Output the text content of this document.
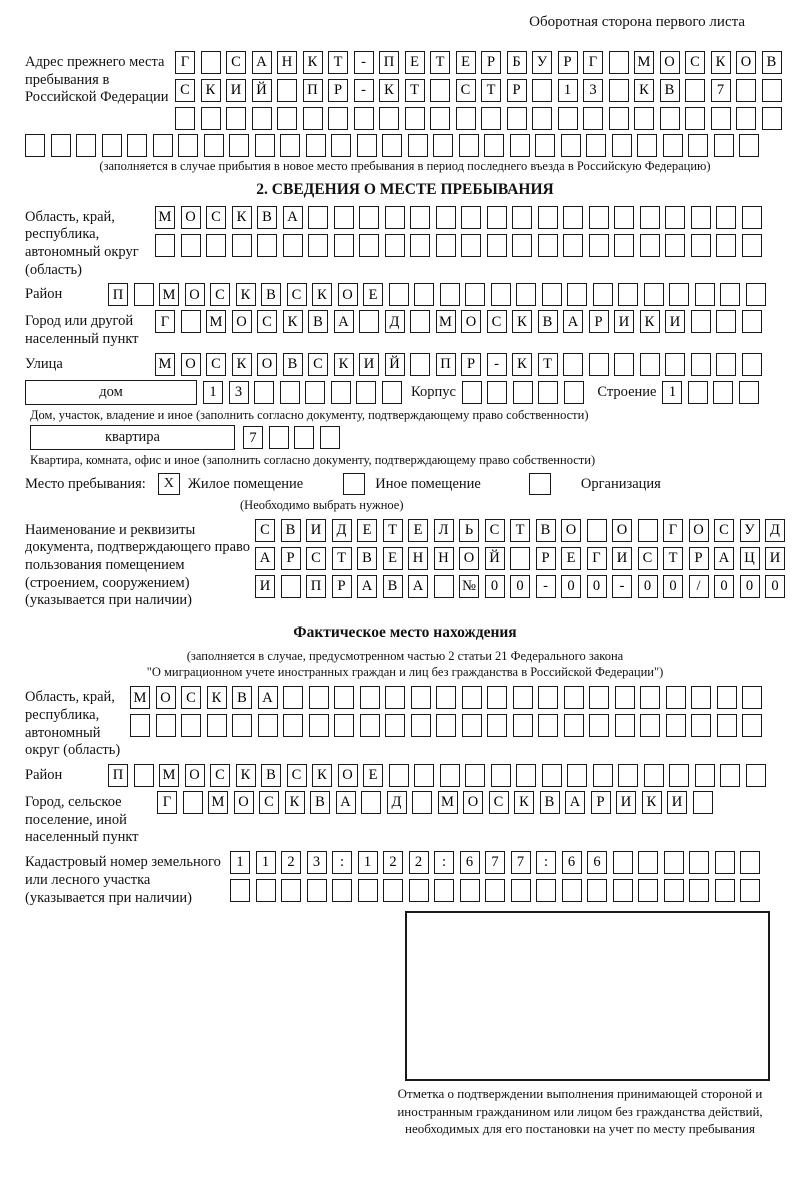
Оборотная сторона первого листа
Адрес прежнего места пребывания в Российской Федерации
Г	С	А	Н	К	Т	-	П	Е	Т	Е	Р	Б	У	Р	Г	М О	С	К	О	В
С	К	И	Й	П	Р	-	К	Т	С	Т	Р	1	3	К	В	7
(заполняется в случае прибытия в новое место пребывания в период последнего въезда в Российскую Федерацию)
2. СВЕДЕНИЯ О МЕСТЕ ПРЕБЫВАНИЯ
Область, край, республика, автономный округ (область)
М О	С	К	В	А
Район	П	М О	С	К	В	С	К	О	Е
Город или другой населенный пункт
Г	М О	С	К	В	А	Д	М О	С	К	В	А	Р	И	К	И
Улица	М О	С	К	О	В	С	К	И	Й	П	Р	-	К	Т
дом	1	3	Корпус	Строение 1
Дом, участок, владение и иное (заполнить согласно документу, подтверждающему право собственности)
квартира	7
Квартира, комната, офис и иное (заполнить согласно документу, подтверждающему право собственности)
Место пребывания:	X Жилое помещение	Иное помещение	Организация
(Необходимо выбрать нужное)
Наименование и реквизиты документа, подтверждающего право пользования помещением (строением, сооружением) (указывается при наличии)
С	В	И	Д	Е	Т	Е	Л	Ь	С	Т	В	О	О	Г	О	С	У	Д
А	Р	С	Т	В	Е	Н	Н	О	Й	Р	Е	Г	И	С	Т	Р	А	Ц	И
И	П	Р	А	В	А	№	0	0	-	0	0	-	0	0	/	0	0	0
Фактическое место нахождения
(заполняется в случае, предусмотренном частью 2 статьи 21 Федерального закона
"О миграционном учете иностранных граждан и лиц без гражданства в Российской Федерации")
Область, край, республика, автономный округ (область)
М О	С	К	В	А
Район	П	М О	С	К	В	С	К	О	Е
Город, сельское поселение, иной населенный пункт
Г	М О	С	К	В	А	Д	М О	С	К	В	А	Р	И	К	И
Кадастровый номер земельного или лесного участка (указывается при наличии)
1	1	2	3	:	1	2	2	:	6	7	7	:	6	6
Отметка о подтверждении выполнения принимающей стороной и иностранным гражданином или лицом без гражданства действий, необходимых для его постановки на учет по месту пребывания
